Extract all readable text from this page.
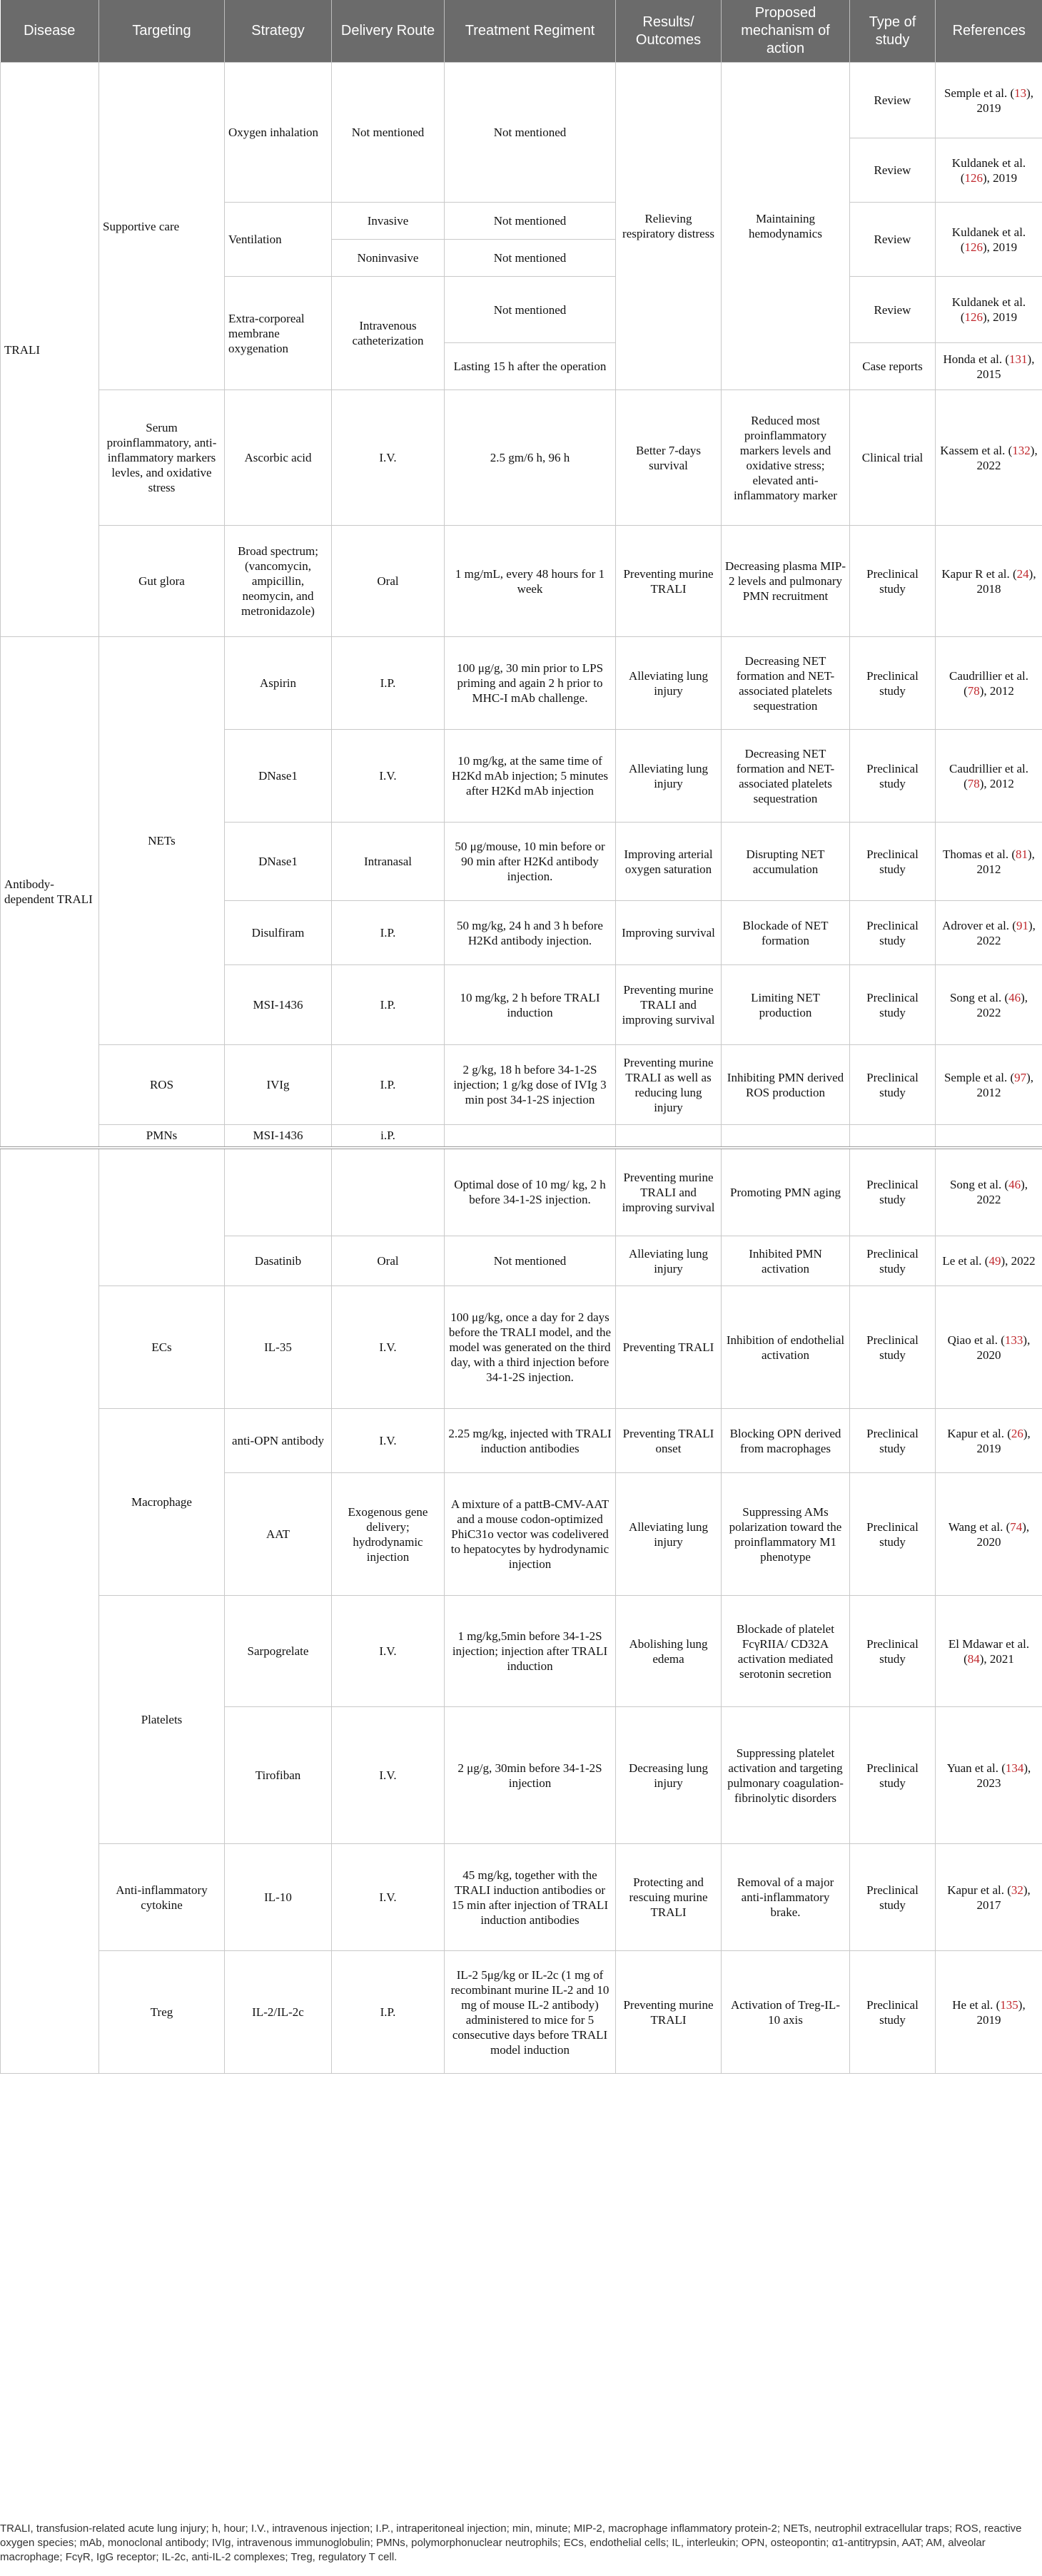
Disease	Targeting	Strategy	Delivery Route	Treatment Regiment	Results/ Outcomes	Proposed mechanism of action	Type of study	References
TRALI	Supportive care	Oxygen inhalation	Not mentioned	Not mentioned	Relieving respiratory distress	Maintaining hemodynamics	Review	Semple et al. (13), 2019
							Review	Kuldanek et al. (126), 2019
		Ventilation	Invasive	Not mentioned			Review	Kuldanek et al. (126), 2019
			Noninvasive	Not mentioned				
		Extra-corporeal membrane oxygenation	Intravenous catheterization	Not mentioned			Review	Kuldanek et al. (126), 2019
				Lasting 15 h after the operation			Case reports	Honda et al. (131), 2015
	Serum proinflammatory, anti-inflammatory markers levles, and oxidative stress	Ascorbic acid	I.V.	2.5 gm/6 h, 96 h	Better 7-days survival	Reduced most proinflammatory markers levels and oxidative stress; elevated anti-inflammatory marker	Clinical trial	Kassem et al. (132), 2022
	Gut glora	Broad spectrum; (vancomycin, ampicillin, neomycin, and metronidazole)	Oral	1 mg/mL, every 48 hours for 1 week	Preventing murine TRALI	Decreasing plasma MIP-2 levels and pulmonary PMN recruitment	Preclinical study	Kapur R et al. (24), 2018

Antibody-dependent TRALI	NETs	Aspirin	I.P.	100 μg/g, 30 min prior to LPS priming and again 2 h prior to MHC-I mAb challenge.	Alleviating lung injury	Decreasing NET formation and NET-associated platelets sequestration	Preclinical study	Caudrillier et al. (78), 2012
		DNase1	I.V.	10 mg/kg, at the same time of H2Kd mAb injection; 5 minutes after H2Kd mAb injection	Alleviating lung injury	Decreasing NET formation and NET-associated platelets sequestration	Preclinical study	Caudrillier et al. (78), 2012
		DNase1	Intranasal	50 μg/mouse, 10 min before or 90 min after H2Kd antibody injection.	Improving arterial oxygen saturation	Disrupting NET accumulation	Preclinical study	Thomas et al. (81), 2012
		Disulfiram	I.P.	50 mg/kg, 24 h and 3 h before H2Kd antibody injection.	Improving survival	Blockade of NET formation	Preclinical study	Adrover et al. (91), 2022
		MSI-1436	I.P.	10 mg/kg, 2 h before TRALI induction	Preventing murine TRALI and improving survival	Limiting NET production	Preclinical study	Song et al. (46), 2022
	ROS	IVIg	I.P.	2 g/kg, 18 h before 34-1-2S injection; 1 g/kg dose of IVIg 3 min post 34-1-2S injection	Preventing murine TRALI as well as reducing lung injury	Inhibiting PMN derived ROS production	Preclinical study	Semple et al. (97), 2012
	PMNs	MSI-1436	i.P.					
				Optimal dose of 10 mg/ kg, 2 h before 34-1-2S injection.	Preventing murine TRALI and improving survival	Promoting PMN aging	Preclinical study	Song et al. (46), 2022
		Dasatinib	Oral	Not mentioned	Alleviating lung injury	Inhibited PMN activation	Preclinical study	Le et al. (49), 2022
	ECs	IL-35	I.V.	100 μg/kg, once a day for 2 days before the TRALI model, and the model was generated on the third day, with a third injection before 34-1-2S injection.	Preventing TRALI	Inhibition of endothelial activation	Preclinical study	Qiao et al. (133), 2020
	Macrophage	anti-OPN antibody	I.V.	2.25 mg/kg, injected with TRALI induction antibodies	Preventing TRALI onset	Blocking OPN derived from macrophages	Preclinical study	Kapur et al. (26), 2019
		AAT	Exogenous gene delivery; hydrodynamic injection	A mixture of a pattB-CMV-AAT and a mouse codon-optimized PhiC31o vector was codelivered to hepatocytes by hydrodynamic injection	Alleviating lung injury	Suppressing AMs polarization toward the proinflammatory M1 phenotype	Preclinical study	Wang et al. (74), 2020
	Platelets	Sarpogrelate	I.V.	1 mg/kg,5min before 34-1-2S injection; injection after TRALI induction	Abolishing lung edema	Blockade of platelet FcγRIIA/ CD32A activation mediated serotonin secretion	Preclinical study	El Mdawar et al. (84), 2021
		Tirofiban	I.V.	2 μg/g, 30min before 34-1-2S injection	Decreasing lung injury	Suppressing platelet activation and targeting pulmonary coagulation-fibrinolytic disorders	Preclinical study	Yuan et al. (134), 2023
	Anti-inflammatory cytokine	IL-10	I.V.	45 mg/kg, together with the TRALI induction antibodies or 15 min after injection of TRALI induction antibodies	Protecting and rescuing murine TRALI	Removal of a major anti-inflammatory brake.	Preclinical study	Kapur et al. (32), 2017
	Treg	IL-2/IL-2c	I.P.	IL-2 5μg/kg or IL-2c (1 mg of recombinant murine IL-2 and 10 mg of mouse IL-2 antibody) administered to mice for 5 consecutive days before TRALI model induction	Preventing murine TRALI	Activation of Treg-IL-10 axis	Preclinical study	He et al. (135), 2019
TRALI, transfusion-related acute lung injury; h, hour; I.V., intravenous injection; I.P., intraperitoneal injection; min, minute; MIP-2, macrophage inflammatory protein-2; NETs, neutrophil extracellular traps; ROS, reactive oxygen species; mAb, monoclonal antibody; IVIg, intravenous immunoglobulin; PMNs, polymorphonuclear neutrophils; ECs, endothelial cells; IL, interleukin; OPN, osteopontin; α1-antitrypsin, AAT; AM, alveolar macrophage; FcγR, IgG receptor; IL-2c, anti-IL-2 complexes; Treg, regulatory T cell.
